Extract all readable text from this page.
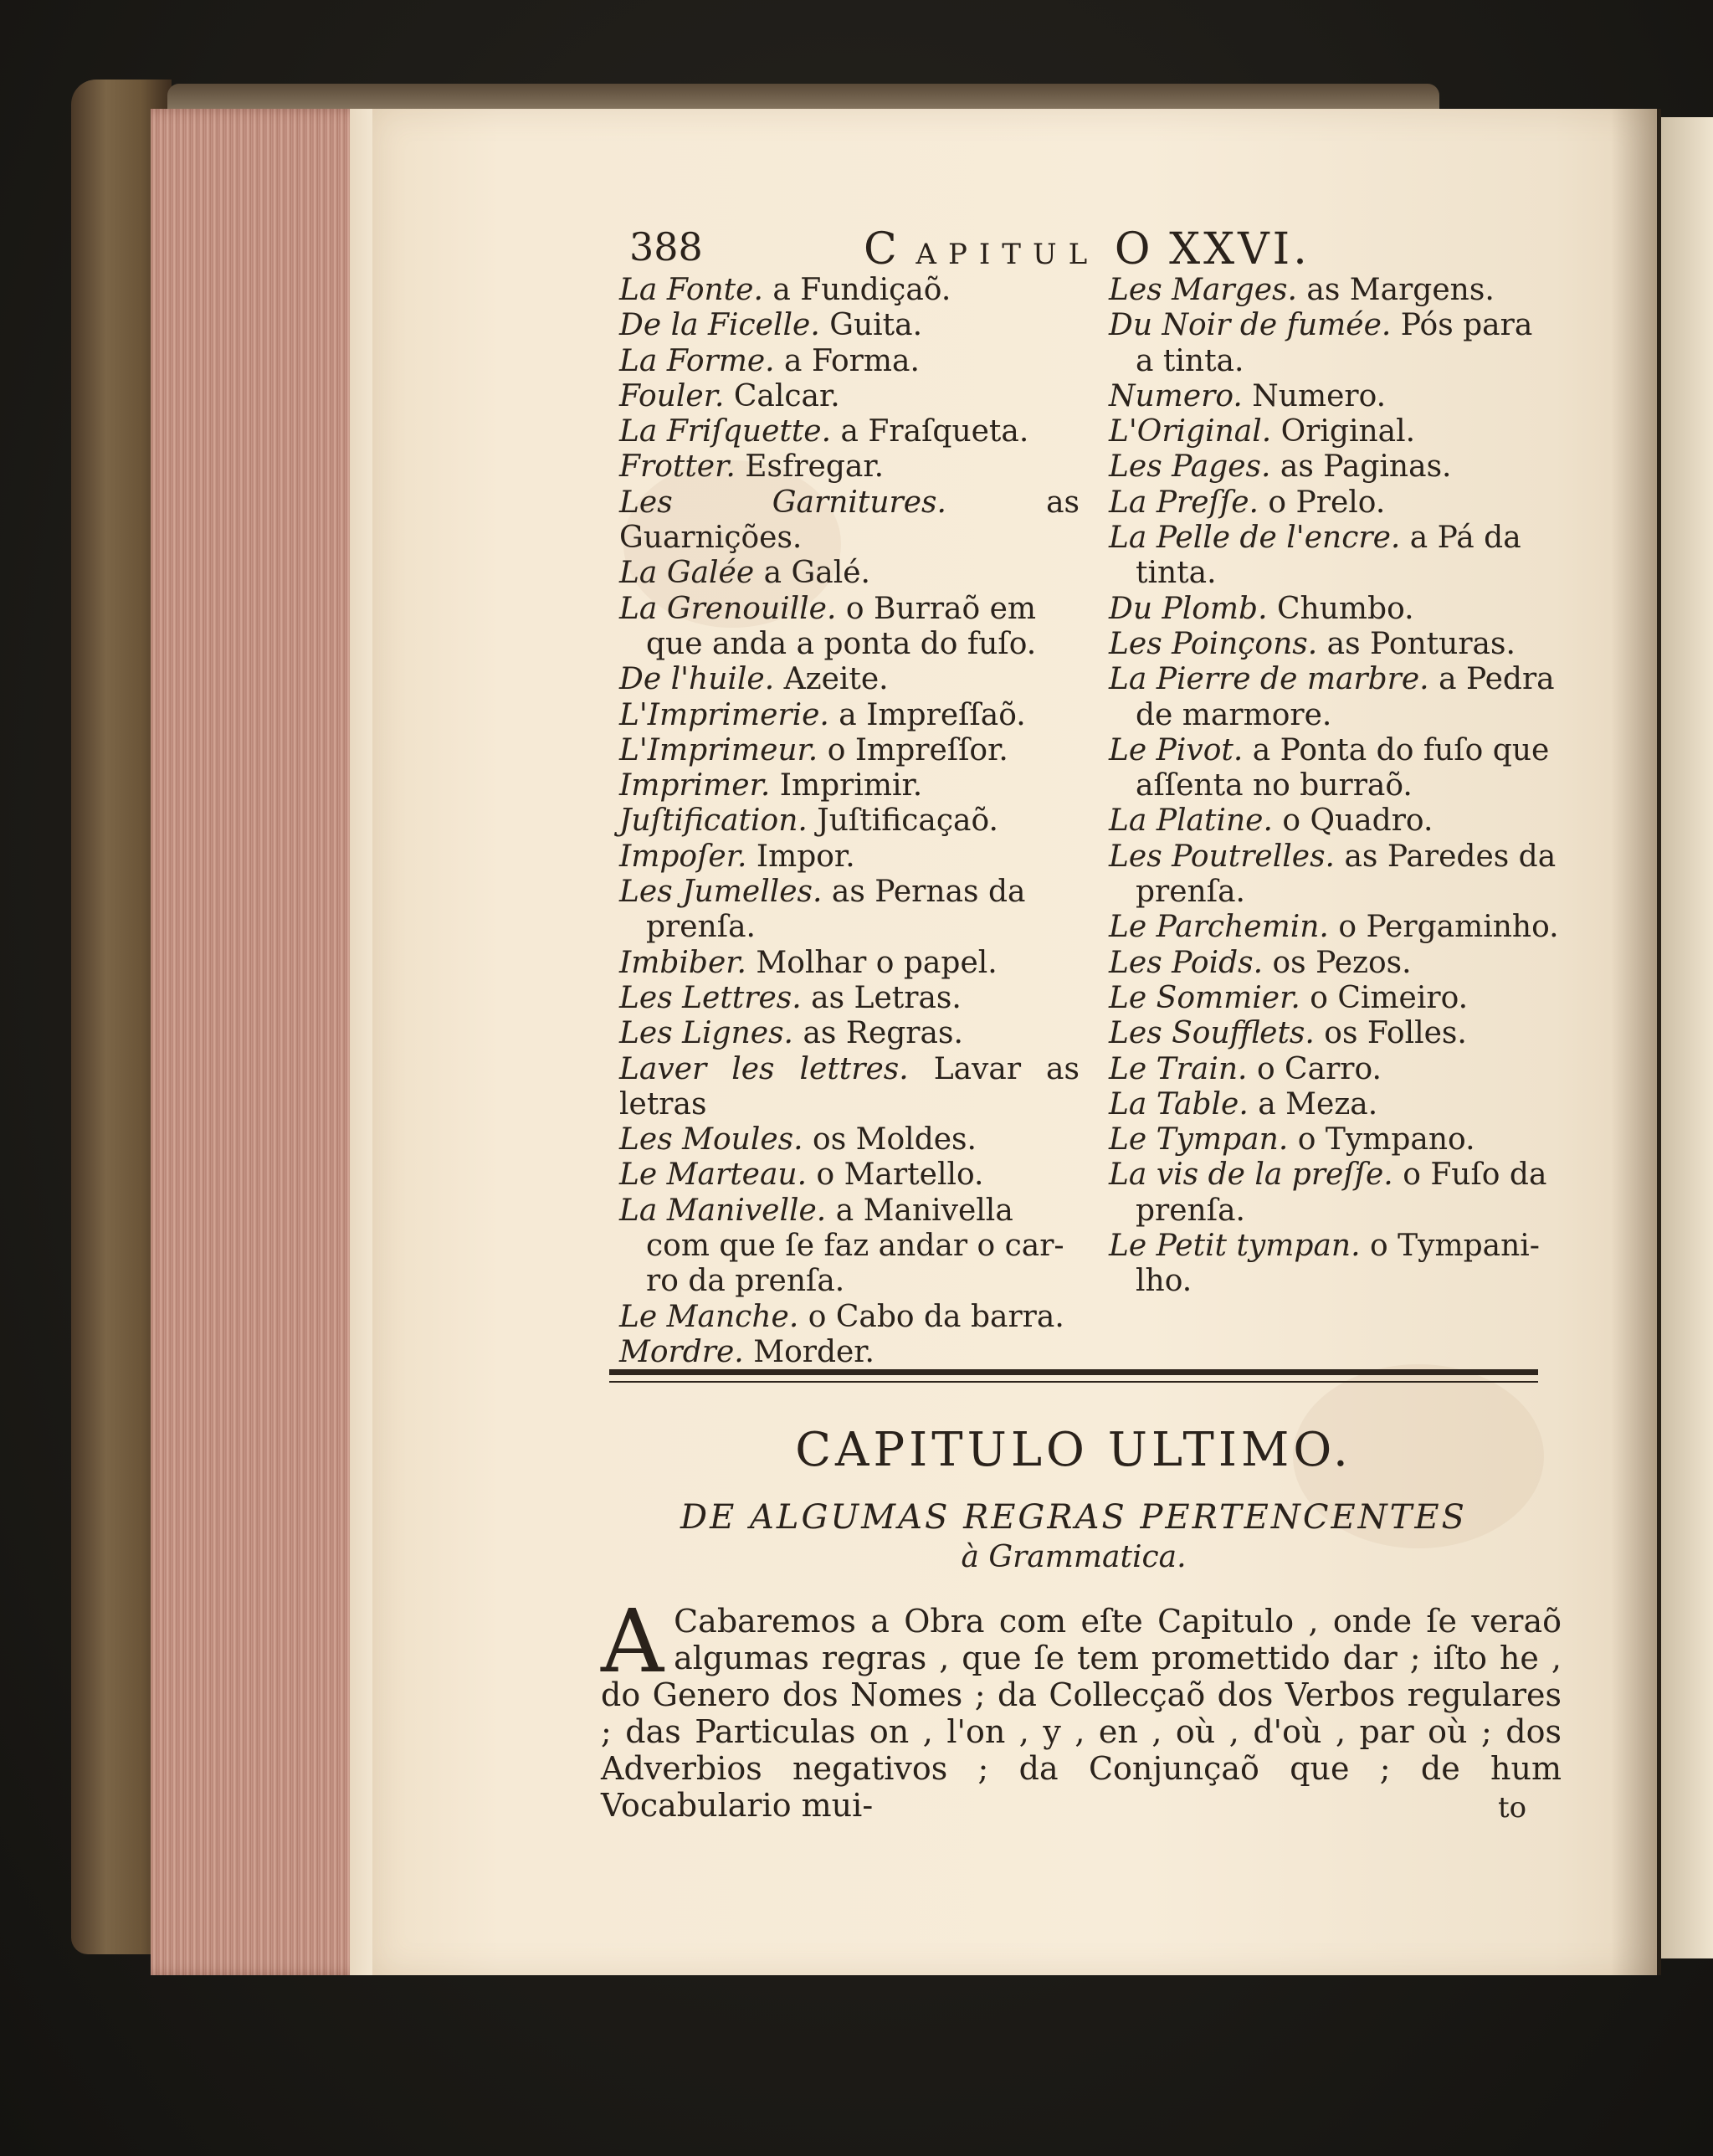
388	C APITUL O XXVI.
La Fonte. a Fundiçaõ.
De la Ficelle. Guita.
La Forme. a Forma.
Fouler. Calcar.
La Friſquette. a Fraſqueta.
Frotter. Esfregar.
Les Garnitures.	as Guarnições.
La Galée a Galé.
La Grenouille. o Burraõ em
que anda a ponta do fuſo.
De l'huile. Azeite.
L'Imprimerie. a Impreſſaõ.
L'Imprimeur. o Impreſſor.
Imprimer. Imprimir.
Juſtification. Juſtificaçaõ.
Impoſer. Impor.
Les Jumelles. as Pernas da
prenſa.
Imbiber. Molhar o papel.
Les Lettres. as Letras.
Les Lignes. as Regras.
Laver les lettres. Lavar as letras
Les Moules. os Moldes.
Le Marteau. o Martello.
La Manivelle. a Manivella
com que ſe faz andar o car-
ro da prenſa.
Le Manche. o Cabo da barra.
Mordre. Morder.
Les Marges. as Margens.
Du Noir de fumée. Pós para
a tinta.
Numero. Numero.
L'Original. Original.
Les Pages. as Paginas.
La Preſſe. o Prelo.
La Pelle de l'encre. a Pá da
tinta.
Du Plomb. Chumbo.
Les Poinçons. as Ponturas.
La Pierre de marbre. a Pedra
de marmore.
Le Pivot. a Ponta do fuſo que
aſſenta no burraõ.
La Platine. o Quadro.
Les Poutrelles. as Paredes da
prenſa.
Le Parchemin. o Pergaminho.
Les Poids. os Pezos.
Le Sommier. o Cimeiro.
Les Soufflets. os Folles.
Le Train. o Carro.
La Table. a Meza.
Le Tympan. o Tympano.
La vis de la preſſe. o Fuſo da
prenſa.
Le Petit tympan. o Tympani-
lho.
CAPITULO ULTIMO.
DE ALGUMAS REGRAS PERTENCENTES
à Grammatica.
A Cabaremos a Obra com eſte Capitulo , onde ſe veraõ algumas regras , que ſe tem promettido dar ; iſto he , do Genero dos Nomes ; da Collecçaõ dos Verbos regulares ; das Particulas on , l'on , y , en , où , d'où , par où ; dos Adverbios negativos ; da Conjunçaõ que ; de hum Vocabulario mui-	to
